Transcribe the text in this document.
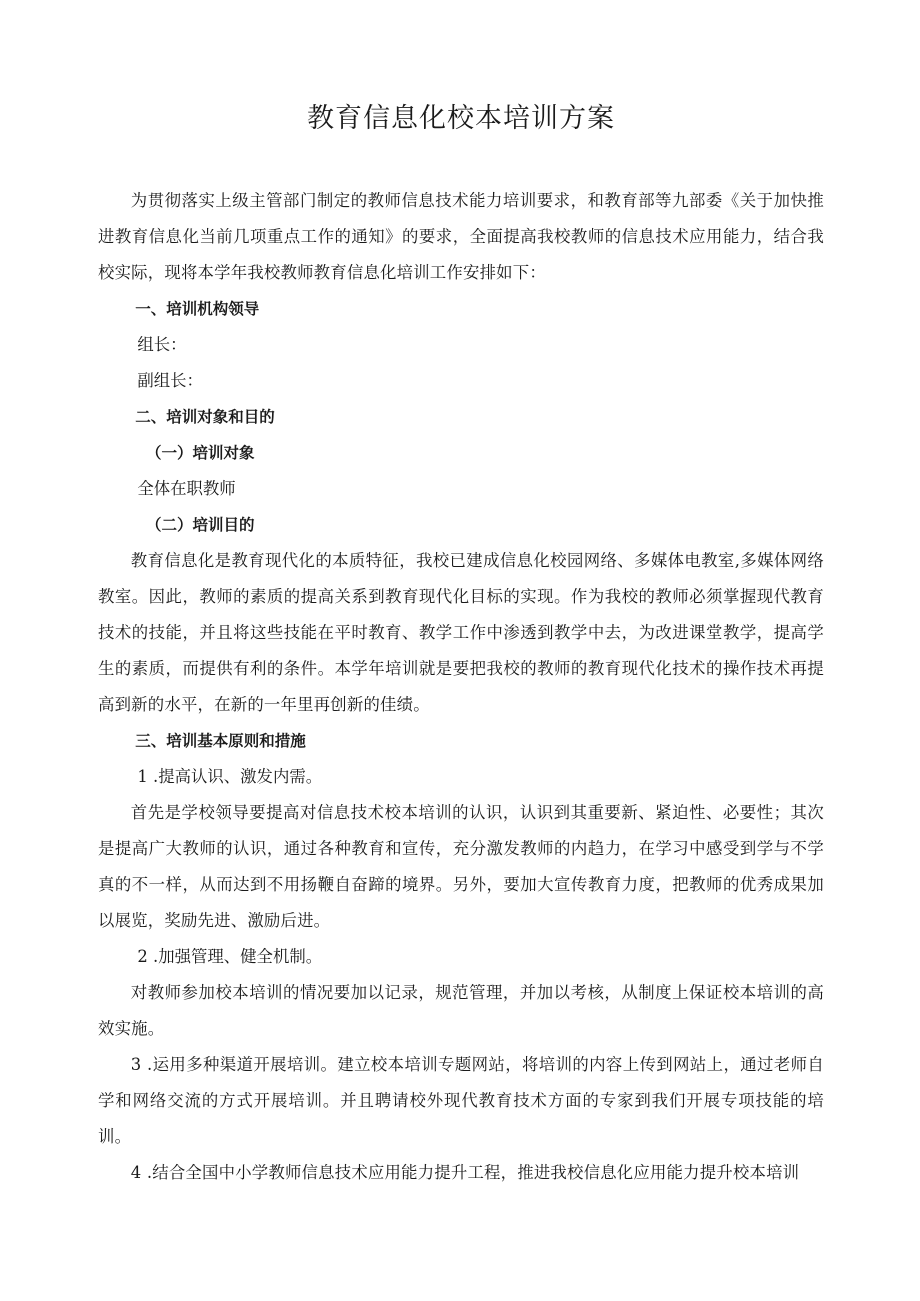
教育信息化校本培训方案

为贯彻落实上级主管部门制定的教师信息技术能力培训要求，和教育部等九部委《关于加快推进教育信息化当前几项重点工作的通知》的要求，全面提高我校教师的信息技术应用能力，结合我校实际，现将本学年我校教师教育信息化培训工作安排如下：

一、培训机构领导

组长：

副组长：

二、培训对象和目的

（一）培训对象

全体在职教师

（二）培训目的

教育信息化是教育现代化的本质特征，我校已建成信息化校园网络、多媒体电教室,多媒体网络教室。因此，教师的素质的提高关系到教育现代化目标的实现。作为我校的教师必须掌握现代教育技术的技能，并且将这些技能在平时教育、教学工作中渗透到教学中去，为改进课堂教学，提高学生的素质，而提供有利的条件。本学年培训就是要把我校的教师的教育现代化技术的操作技术再提高到新的水平，在新的一年里再创新的佳绩。

三、培训基本原则和措施

1 .提高认识、激发内需。

首先是学校领导要提高对信息技术校本培训的认识，认识到其重要新、紧迫性、必要性；其次是提高广大教师的认识，通过各种教育和宣传，充分激发教师的内趋力，在学习中感受到学与不学真的不一样，从而达到不用扬鞭自奋蹄的境界。另外，要加大宣传教育力度，把教师的优秀成果加以展览，奖励先进、激励后进。

2 .加强管理、健全机制。

对教师参加校本培训的情况要加以记录，规范管理，并加以考核，从制度上保证校本培训的高效实施。

3 .运用多种渠道开展培训。建立校本培训专题网站，将培训的内容上传到网站上，通过老师自学和网络交流的方式开展培训。并且聘请校外现代教育技术方面的专家到我们开展专项技能的培训。

4 .结合全国中小学教师信息技术应用能力提升工程，推进我校信息化应用能力提升校本培训
